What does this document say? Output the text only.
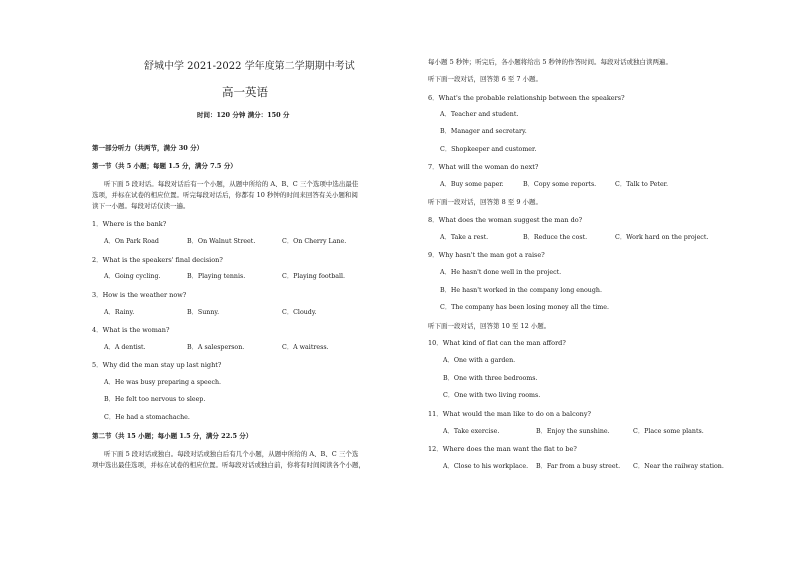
舒城中学 2021-2022 学年度第二学期期中考试
高一英语
时间：120 分钟 满分：150 分
第一部分听力（共两节，满分 30 分）
第一节（共 5 小题；每题 1.5 分，满分 7.5 分）
听下面 5 段对话。每段对话后有一个小题，从题中所给的 A、B、C 三个选项中选出最佳
选项，并标在试卷的相应位置。听完每段对话后，你都有 10 秒钟的时间来回答有关小题和阅
读下一小题。每段对话仅读一遍。
1．Where is the bank?
A．On Park Road	B．On Walnut Street.	C．On Cherry Lane.
2．What is the speakers' final decision?
A．Going cycling.	B．Playing tennis.	C．Playing football.
3．How is the weather now?
A．Rainy.	B．Sunny.	C．Cloudy.
4．What is the woman?
A．A dentist.	B．A salesperson.	C．A waitress.
5．Why did the man stay up last night?
A．He was busy preparing a speech.
B．He felt too nervous to sleep.
C．He had a stomachache.
第二节（共 15 小题；每小题 1.5 分，满分 22.5 分）
听下面 5 段对话或独白。每段对话或独白后有几个小题，从题中所给的 A、B、C 三个选
项中选出最佳选项，并标在试卷的相应位置。听每段对话或独白前，你将有时间阅读各个小题，
每小题 5 秒钟；听完后，各小题将给出 5 秒钟的作答时间。每段对话或独白读两遍。
听下面一段对话，回答第 6 至 7 小题。
6．What's the probable relationship between the speakers?
A．Teacher and student.
B．Manager and secretary.
C．Shopkeeper and customer.
7．What will the woman do next?
A．Buy some paper.	B．Copy some reports.	C．Talk to Peter.
听下面一段对话，回答第 8 至 9 小题。
8．What does the woman suggest the man do?
A．Take a rest.	B．Reduce the cost.	C．Work hard on the project.
9．Why hasn't the man got a raise?
A．He hasn't done well in the project.
B．He hasn't worked in the company long enough.
C．The company has been losing money all the time.
听下面一段对话，回答第 10 至 12 小题。
10．What kind of flat can the man afford?
A．One with a garden.
B．One with three bedrooms.
C．One with two living rooms.
11．What would the man like to do on a balcony?
A．Take exercise.	B．Enjoy the sunshine.	C．Place some plants.
12．Where does the man want the flat to be?
A．Close to his workplace. B．Far from a busy street. C．Near the railway station.
